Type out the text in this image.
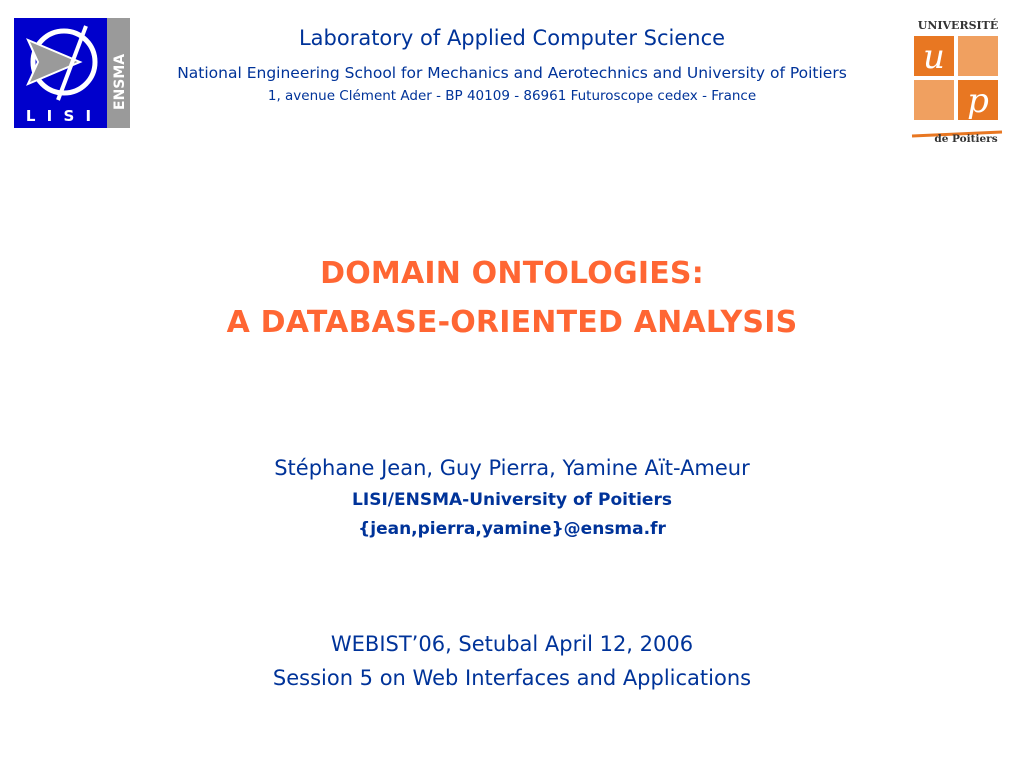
L I S I
ENSMA
Laboratory of Applied Computer Science
National Engineering School for Mechanics and Aerotechnics and University of Poitiers
1, avenue Clément Ader - BP 40109 - 86961 Futuroscope cedex - France
UNIVERSITÉ
u
p
de Poitiers
DOMAIN ONTOLOGIES:
A DATABASE-ORIENTED ANALYSIS
Stéphane Jean, Guy Pierra, Yamine Aït-Ameur
LISI/ENSMA-University of Poitiers
{jean,pierra,yamine}@ensma.fr
WEBIST’06, Setubal April 12, 2006
Session 5 on Web Interfaces and Applications
